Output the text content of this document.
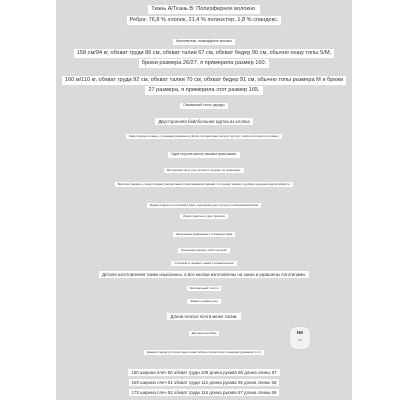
Ткань А/Ткань B: Полиэфирное волокно.
Ребра: 76,8 % хлопок, 21,4 % полиэстер, 1,8 % спандекс.
Наполнитель: полиэфирное волокно
158 см/94 кг, обхват груди 86 см, обхват талии 67 см, обхват бедер 90 см, обычно ношу топы S/M,
брюки размера 26/27, я примерила размер 160.
160 м/110 кг, обхват груди 92 см, обхват талии 70 см, обхват бедер 91 см, обычно топы размера M и брюки
27 размера, я примерила этот размер 165.
Показанный стиль одежды
Двусторонняя бейсбольная куртка из хлопка
Одна сторона стеганая, с длинными рукавами из флиса, который имеет мягкую текстуру, приятен для кожи и согревает.
Одна сторона жестко связана трикотажем.
Вся верхняя часть тела теплая и стильная, не громоздкая.
Воротник, манжеты и подол придают контрастными трикотажными вставками, что создает модное и удобное ощущение многослойности.
Модное изделие из хлопковой ткани, подходящее для прогулок и повседневной жизни
Индиго красочно и ярко трикотаж
Натуральная окрашенная и стеганая вставка
Начальная ширина с 100м галлерей
Отличный от двойных тканей и универсальный
Детали изготовления также изысканны, а все кнопки изготовлены на заказ и украшены логотипами.
Оригинальный логотип
Эффект рукава ручка
Длина платья почти меже талии.
Две цвета на выбор
Данная стрелка и 4 блока сзади и ниже таблице соответствует размерам в размерах 1 стр
160 ширина плеч 50 обхват груди 108 длина рукава 55 длина спины 57
160 ширина плеч 51 обхват груди 112 длина рукава 56 длина спины 58
170 ширина плеч 52 обхват груди 116 длина рукава 57 длина спины 59
не
топ
